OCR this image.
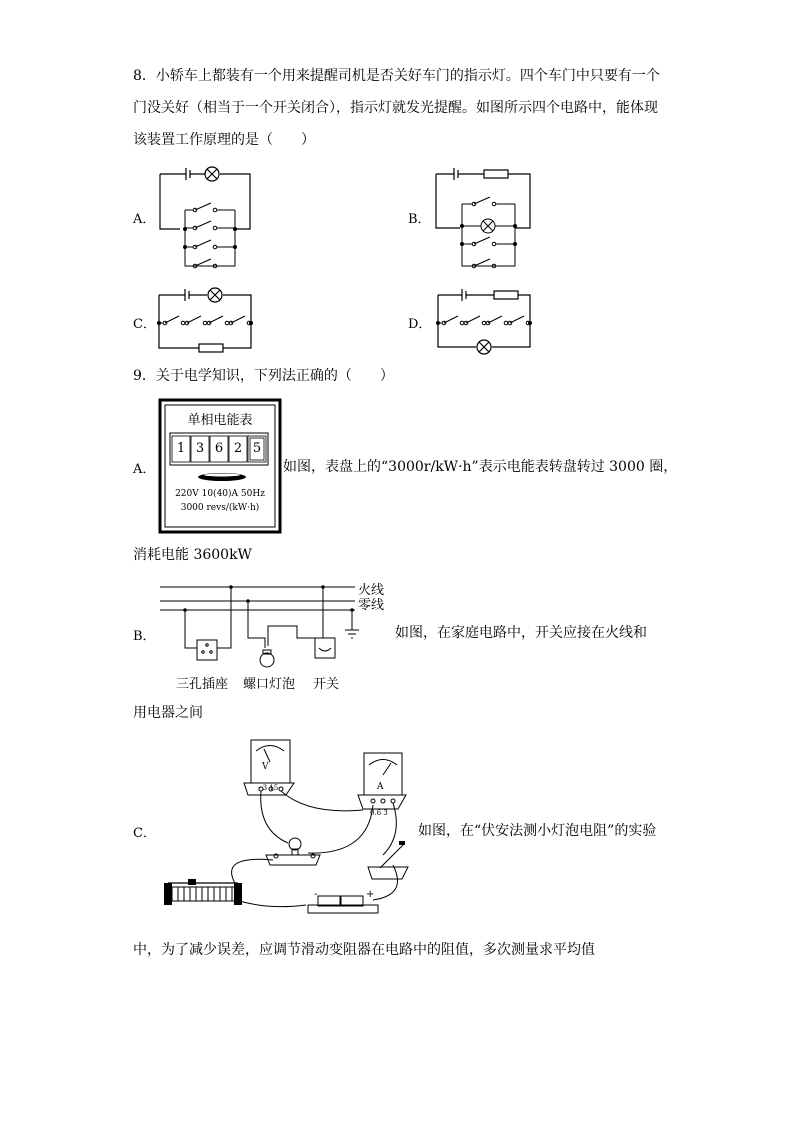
8．小轿车上都装有一个用来提醒司机是否关好车门的指示灯。四个车门中只要有一个
门没关好（相当于一个开关闭合），指示灯就发光提醒。如图所示四个电路中，能体现
该装置工作原理的是（　　）
A．	B．
C．	D．
9．关于电学知识，下列法正确的（　　）
A．
单相电能表
1 3 6 2 5
220V 10(40)A 50Hz
3000 revs/(kW·h)
如图，表盘上的“3000r/kW·h”表示电能表转盘转过 3000 圈，
消耗电能 3600kW
B．
火线
零线
三孔插座 螺口灯泡 开关
如图，在家庭电路中，开关应接在火线和
用电器之间
C．
V
A
- 3 15
0.6 3
+
-
如图，在“伏安法测小灯泡电阻”的实验
中，为了减少误差，应调节滑动变阻器在电路中的阻值，多次测量求平均值
